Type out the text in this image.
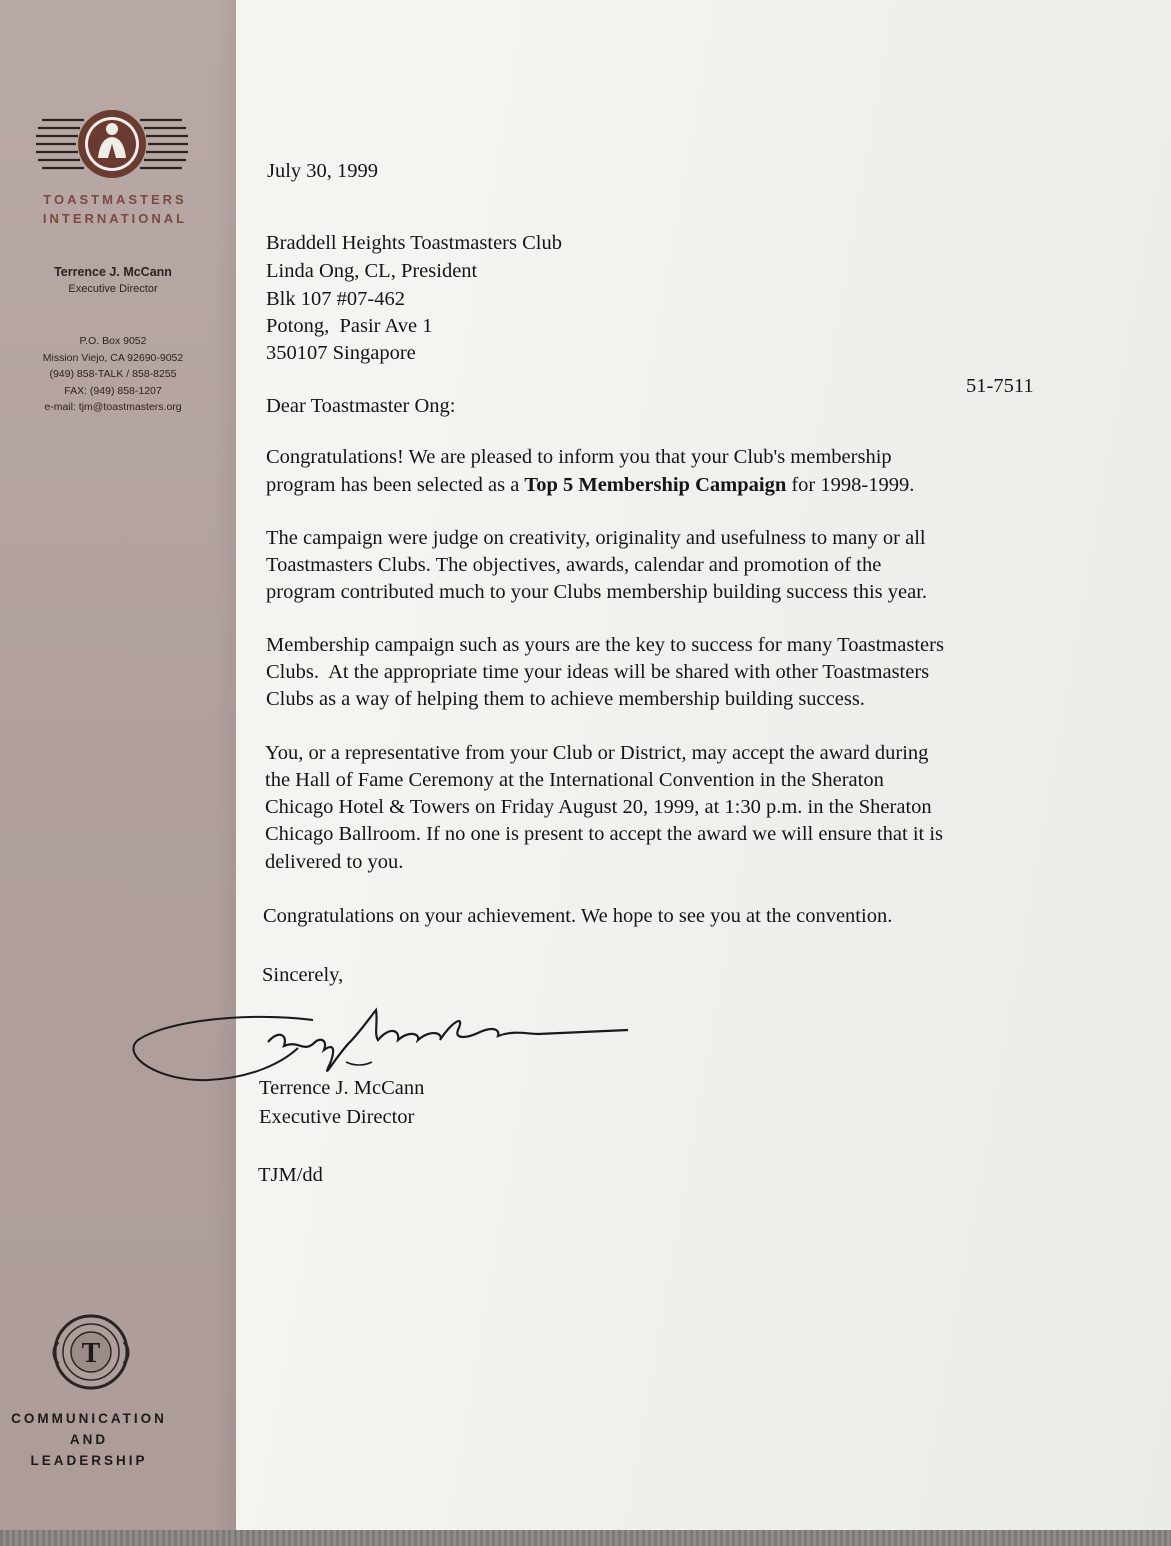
TOASTMASTERS
INTERNATIONAL
Terrence J. McCann
Executive Director
P.O. Box 9052
Mission Viejo, CA 92690-9052
(949) 858-TALK / 858-8255
FAX: (949) 858-1207
e-mail: tjm@toastmasters.org
T
COMMUNICATION
AND
LEADERSHIP
July 30, 1999
Braddell Heights Toastmasters Club
Linda Ong, CL, President
Blk 107 #07-462
Potong,  Pasir Ave 1
350107 Singapore
Dear Toastmaster Ong:
Congratulations! We are pleased to inform you that your Club's membership
program has been selected as a Top 5 Membership Campaign for 1998-1999.
The campaign were judge on creativity, originality and usefulness to many or all
Toastmasters Clubs. The objectives, awards, calendar and promotion of the
program contributed much to your Clubs membership building success this year.
Membership campaign such as yours are the key to success for many Toastmasters
Clubs.  At the appropriate time your ideas will be shared with other Toastmasters
Clubs as a way of helping them to achieve membership building success.
You, or a representative from your Club or District, may accept the award during
the Hall of Fame Ceremony at the International Convention in the Sheraton
Chicago Hotel & Towers on Friday August 20, 1999, at 1:30 p.m. in the Sheraton
Chicago Ballroom. If no one is present to accept the award we will ensure that it is
delivered to you.
Congratulations on your achievement. We hope to see you at the convention.
Sincerely,
Terrence J. McCann
Executive Director
TJM/dd
51-7511
